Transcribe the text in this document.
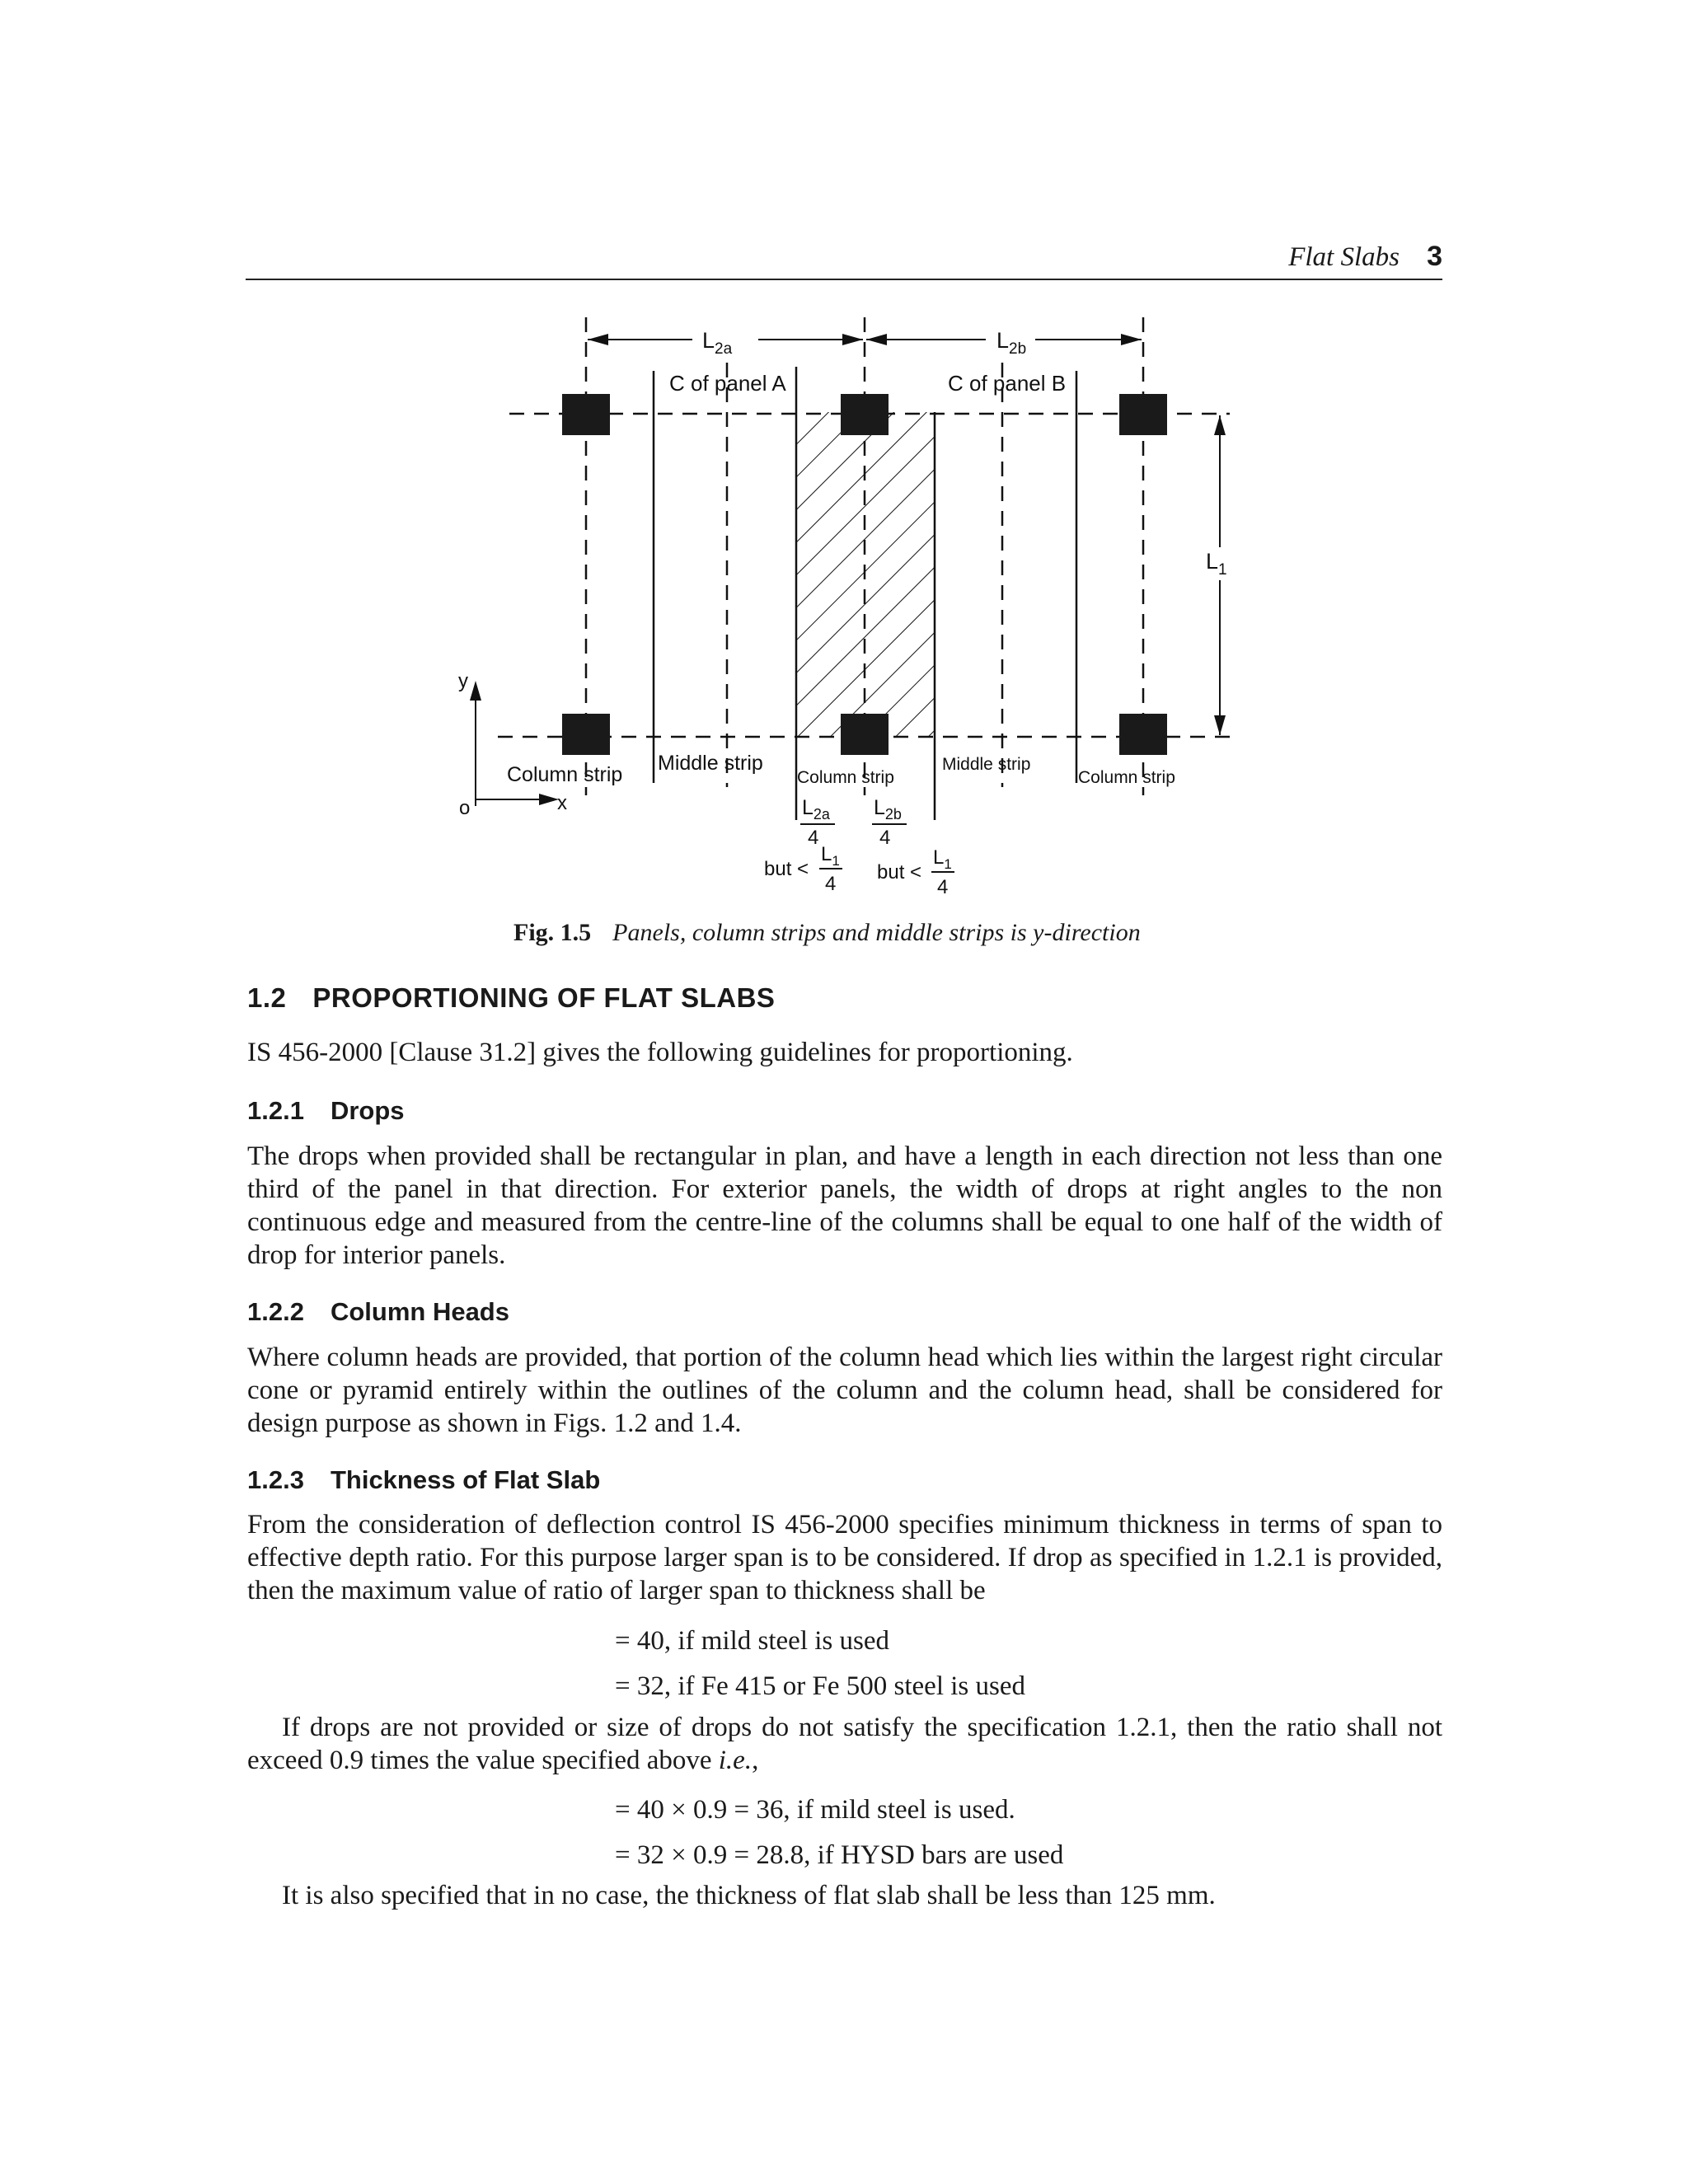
Flat Slabs 3
$L_{2a}$	$L_{2b}$
C of panel A	C of panel B
$L_1$
y
x
o
Column strip Middle strip
Column strip
Middle strip
Column strip
$L_{2a}$
4
$L_{2b}$
4
but <
$L_1$
4
but <
$L_1$
4
Fig. 1.5 Panels, column strips and middle strips is y-direction
1.2 PROPORTIONING OF FLAT SLABS
IS 456-2000 [Clause 31.2] gives the following guidelines for proportioning.
1.2.1 Drops
The drops when provided shall be rectangular in plan, and have a length in each direction not less than one third of the panel in that direction. For exterior panels, the width of drops at right angles to the non continuous edge and measured from the centre-line of the columns shall be equal to one half of the width of drop for interior panels.
1.2.2 Column Heads
Where column heads are provided, that portion of the column head which lies within the largest right circular cone or pyramid entirely within the outlines of the column and the column head, shall be considered for design purpose as shown in Figs. 1.2 and 1.4.
1.2.3 Thickness of Flat Slab
From the consideration of deflection control IS 456-2000 specifies minimum thickness in terms of span to effective depth ratio. For this purpose larger span is to be considered. If drop as specified in 1.2.1 is provided, then the maximum value of ratio of larger span to thickness shall be
= 40, if mild steel is used
= 32, if Fe 415 or Fe 500 steel is used
If drops are not provided or size of drops do not satisfy the specification 1.2.1, then the ratio shall not exceed 0.9 times the value specified above i.e.,
= 40 × 0.9 = 36, if mild steel is used.
= 32 × 0.9 = 28.8, if HYSD bars are used
It is also specified that in no case, the thickness of flat slab shall be less than 125 mm.
